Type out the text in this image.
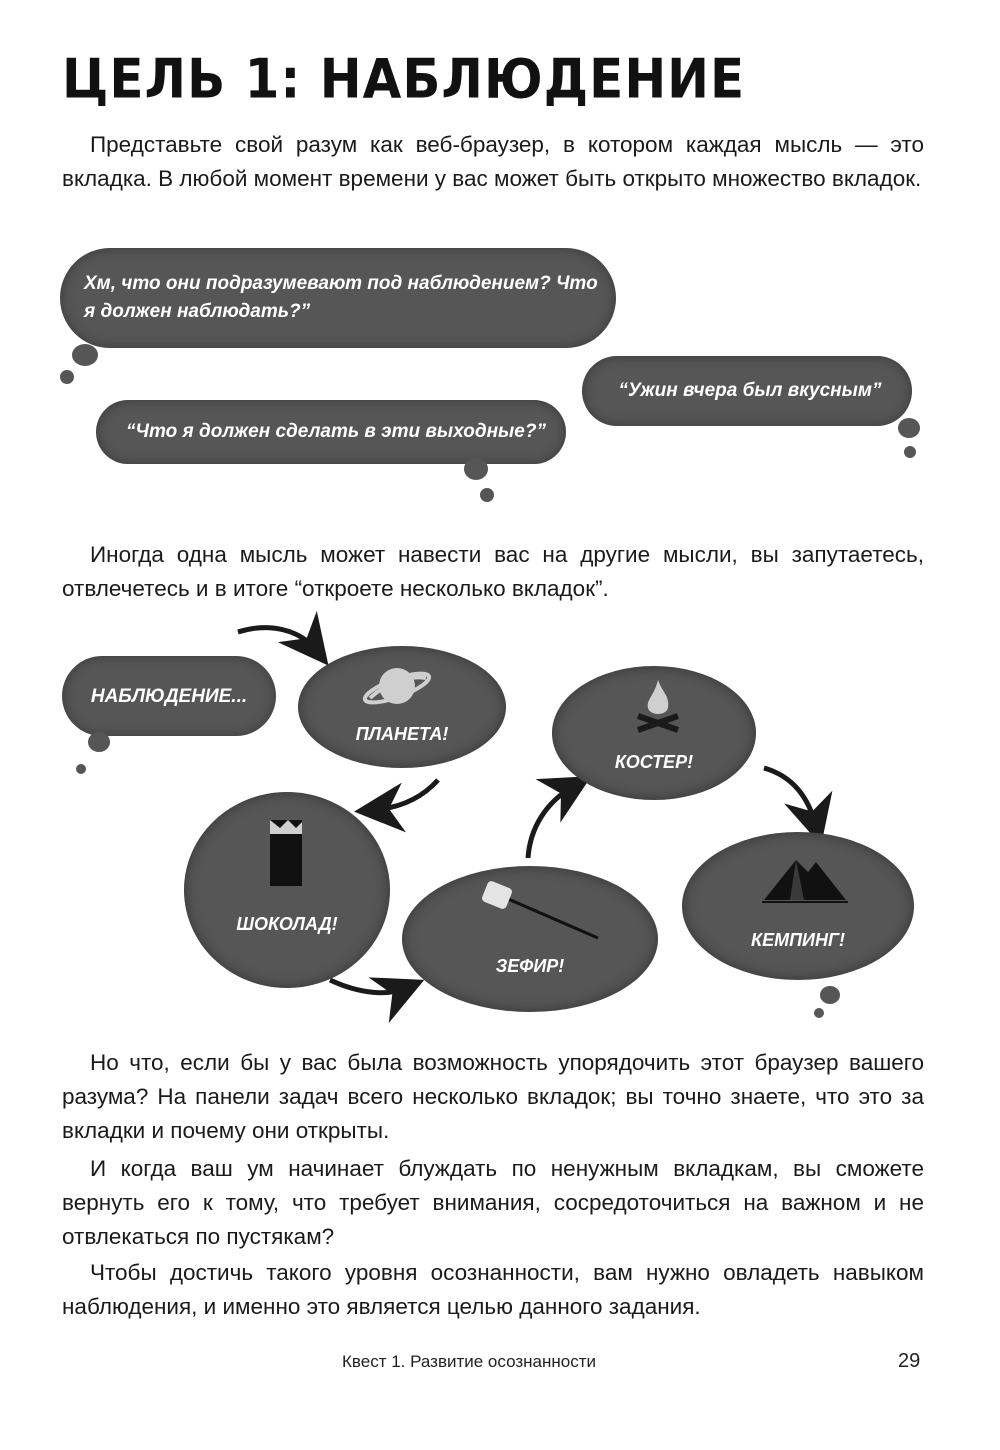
ЦЕЛЬ 1: НАБЛЮДЕНИЕ

Представьте свой разум как веб-браузер, в котором каждая мысль — это вкладка. В любой момент времени у вас может быть открыто множество вкладок.

Хм, что они подразумевают под наблюдением? Что я должен наблюдать?”
“Ужин вчера был вкусным”
“Что я должен сделать в эти выходные?”

Иногда одна мысль может навести вас на другие мысли, вы запутаетесь, отвлечетесь и в итоге “откроете несколько вкладок”.

НАБЛЮДЕНИЕ...
ПЛАНЕТА!
КОСТЕР!
ШОКОЛАД!
ЗЕФИР!
КЕМПИНГ!

Но что, если бы у вас была возможность упорядочить этот браузер вашего разума? На панели задач всего несколько вкладок; вы точно знаете, что это за вкладки и почему они открыты.

И когда ваш ум начинает блуждать по ненужным вкладкам, вы сможете вернуть его к тому, что требует внимания, сосредоточиться на важном и не отвлекаться по пустякам?

Чтобы достичь такого уровня осознанности, вам нужно овладеть навыком наблюдения, и именно это является целью данного задания.

Квест 1. Развитие осознанности	29
